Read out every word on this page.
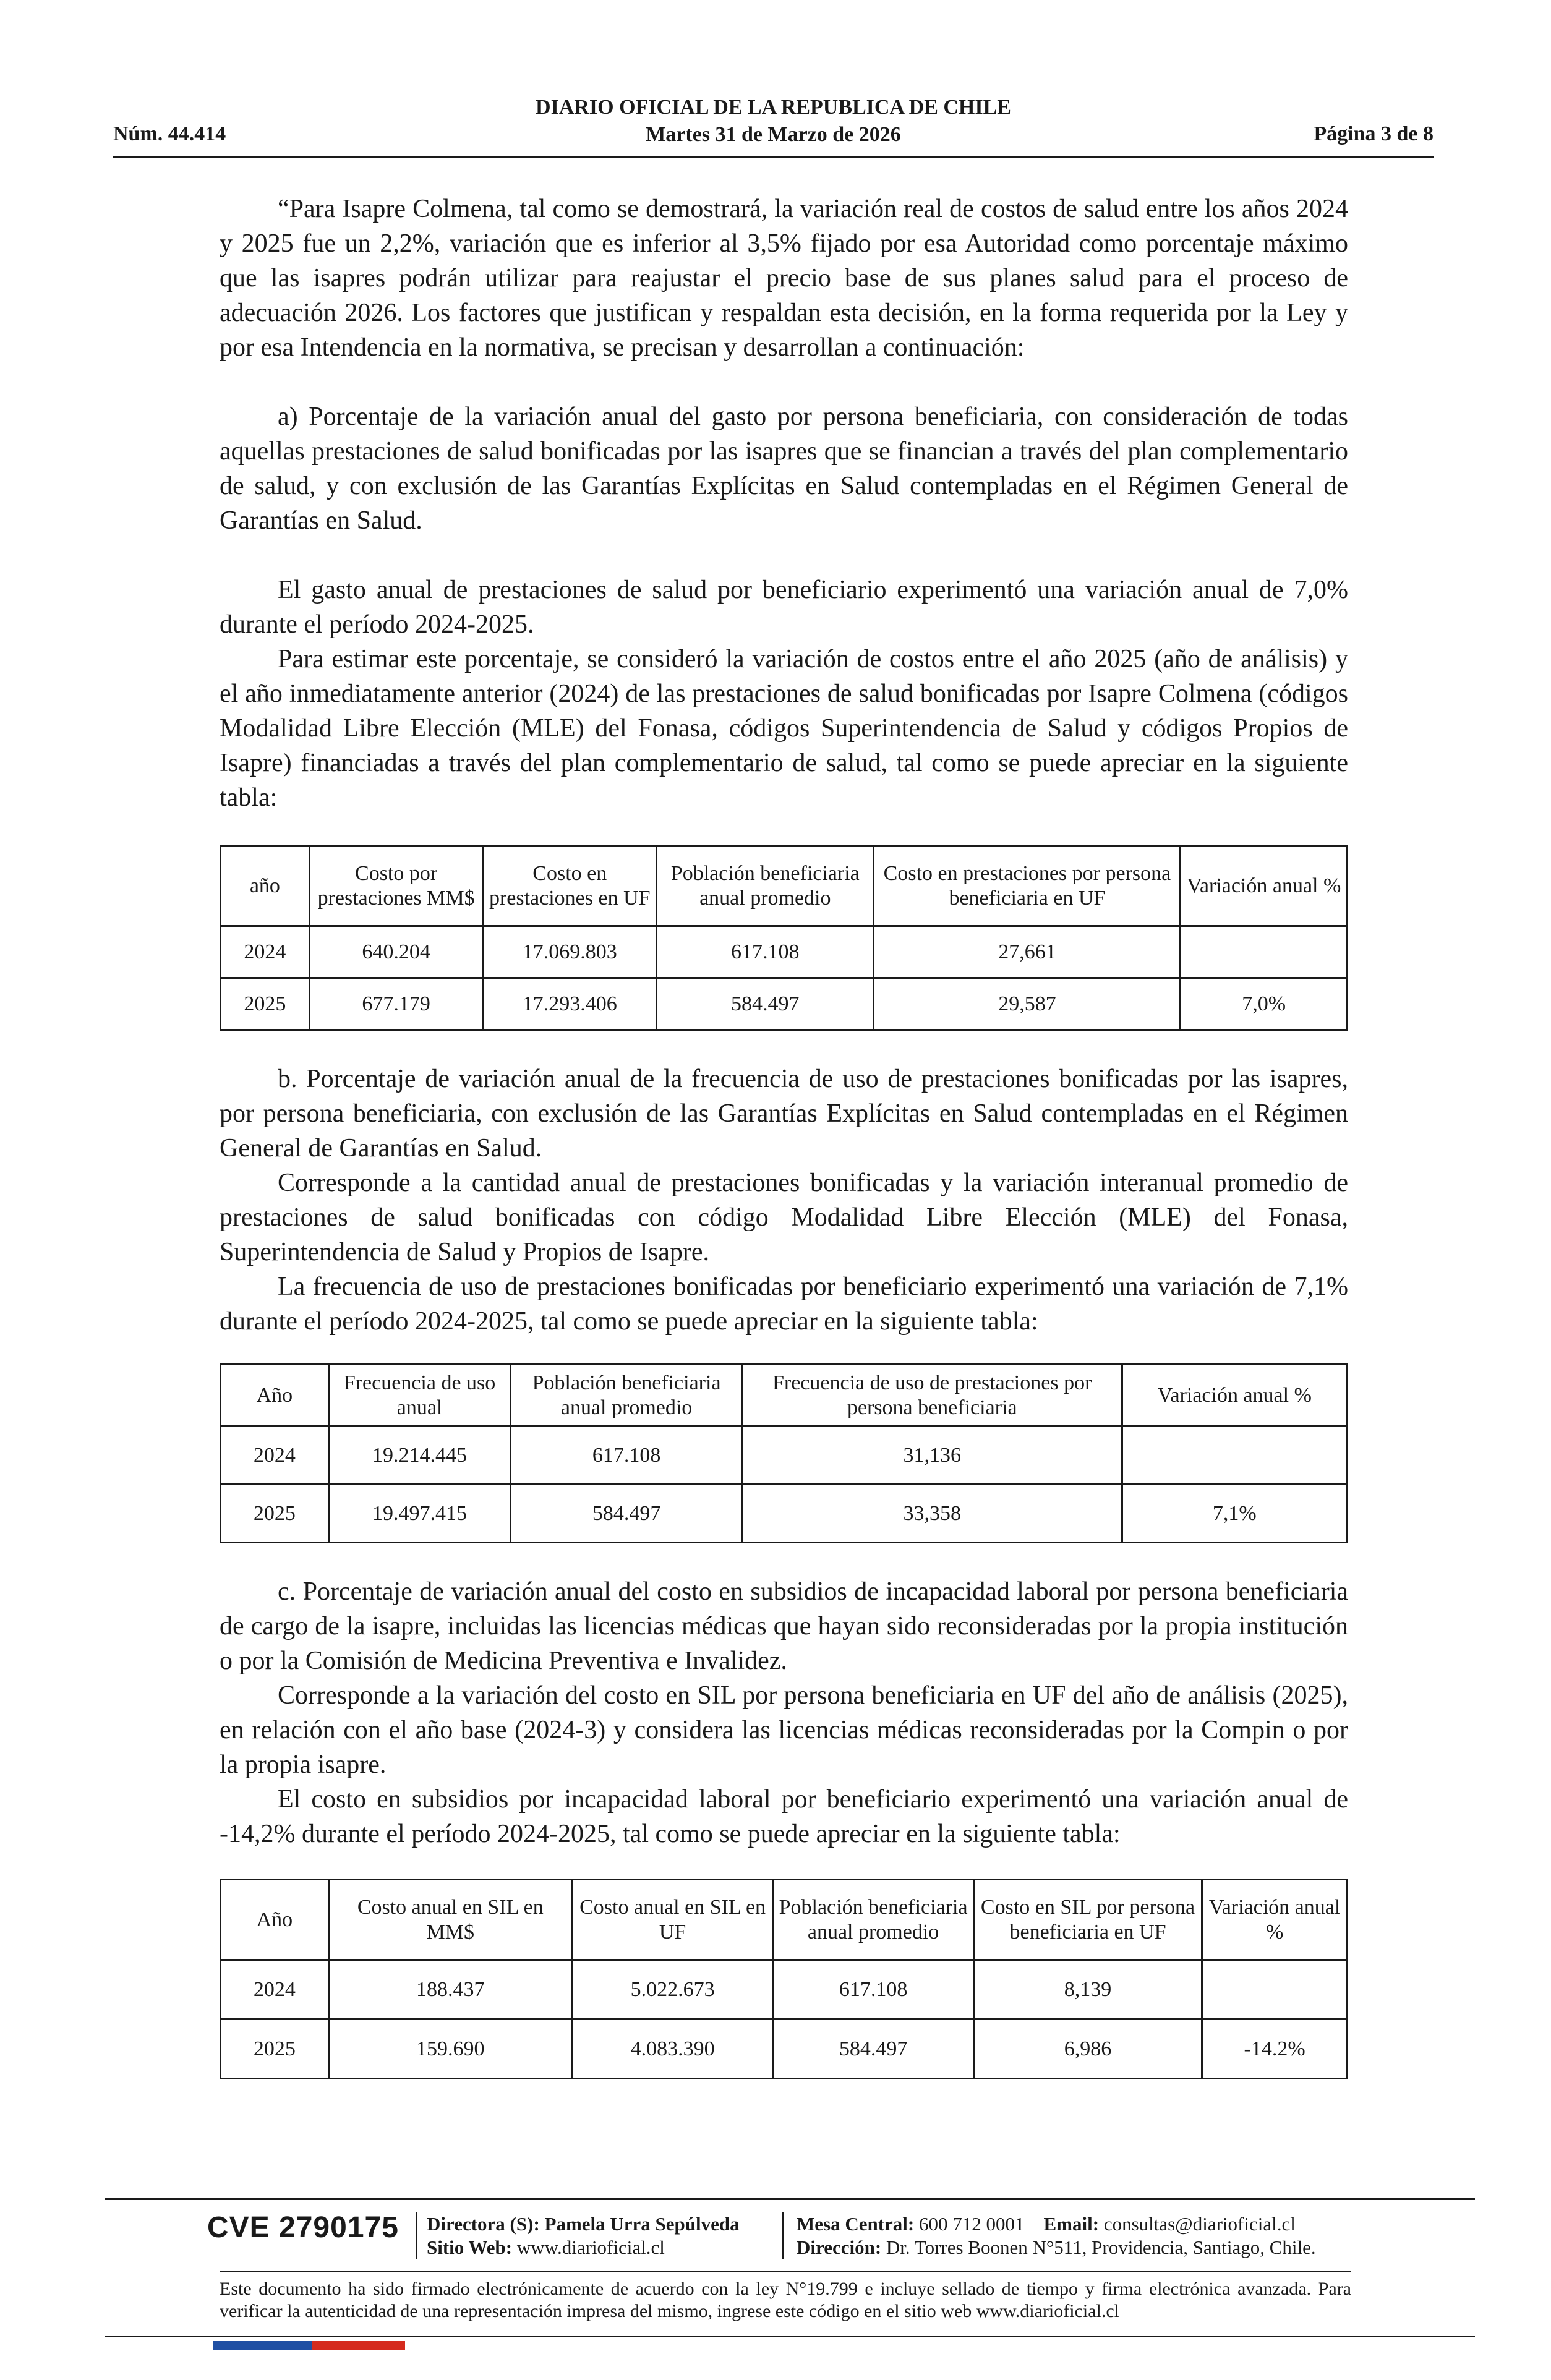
DIARIO OFICIAL DE LA REPUBLICA DE CHILE
Martes 31 de Marzo de 2026
Núm. 44.414	Página 3 de 8

“Para Isapre Colmena, tal como se demostrará, la variación real de costos de salud entre los años 2024 y 2025 fue un 2,2%, variación que es inferior al 3,5% fijado por esa Autoridad como porcentaje máximo que las isapres podrán utilizar para reajustar el precio base de sus planes salud para el proceso de adecuación 2026. Los factores que justifican y respaldan esta decisión, en la forma requerida por la Ley y por esa Intendencia en la normativa, se precisan y desarrollan a continuación:

a) Porcentaje de la variación anual del gasto por persona beneficiaria, con consideración de todas aquellas prestaciones de salud bonificadas por las isapres que se financian a través del plan complementario de salud, y con exclusión de las Garantías Explícitas en Salud contempladas en el Régimen General de Garantías en Salud.

El gasto anual de prestaciones de salud por beneficiario experimentó una variación anual de 7,0% durante el período 2024-2025.

Para estimar este porcentaje, se consideró la variación de costos entre el año 2025 (año de análisis) y el año inmediatamente anterior (2024) de las prestaciones de salud bonificadas por Isapre Colmena (códigos Modalidad Libre Elección (MLE) del Fonasa, códigos Superintendencia de Salud y códigos Propios de Isapre) financiadas a través del plan complementario de salud, tal como se puede apreciar en la siguiente tabla:

año	Costo por prestaciones MM$	Costo en prestaciones en UF	Población beneficiaria anual promedio	Costo en prestaciones por persona beneficiaria en UF	Variación anual %
2024	640.204	17.069.803	617.108	27,661	
2025	677.179	17.293.406	584.497	29,587	7,0%

b. Porcentaje de variación anual de la frecuencia de uso de prestaciones bonificadas por las isapres, por persona beneficiaria, con exclusión de las Garantías Explícitas en Salud contempladas en el Régimen General de Garantías en Salud.

Corresponde a la cantidad anual de prestaciones bonificadas y la variación interanual promedio de prestaciones de salud bonificadas con código Modalidad Libre Elección (MLE) del Fonasa, Superintendencia de Salud y Propios de Isapre.

La frecuencia de uso de prestaciones bonificadas por beneficiario experimentó una variación de 7,1% durante el período 2024-2025, tal como se puede apreciar en la siguiente tabla:

Año	Frecuencia de uso anual	Población beneficiaria anual promedio	Frecuencia de uso de prestaciones por persona beneficiaria	Variación anual %
2024	19.214.445	617.108	31,136	
2025	19.497.415	584.497	33,358	7,1%

c. Porcentaje de variación anual del costo en subsidios de incapacidad laboral por persona beneficiaria de cargo de la isapre, incluidas las licencias médicas que hayan sido reconsideradas por la propia institución o por la Comisión de Medicina Preventiva e Invalidez.

Corresponde a la variación del costo en SIL por persona beneficiaria en UF del año de análisis (2025), en relación con el año base (2024-3) y considera las licencias médicas reconsideradas por la Compin o por la propia isapre.

El costo en subsidios por incapacidad laboral por beneficiario experimentó una variación anual de -14,2% durante el período 2024-2025, tal como se puede apreciar en la siguiente tabla:

Año	Costo anual en SIL en MM$	Costo anual en SIL en UF	Población beneficiaria anual promedio	Costo en SIL por persona beneficiaria en UF	Variación anual %
2024	188.437	5.022.673	617.108	8,139	
2025	159.690	4.083.390	584.497	6,986	-14.2%
CVE 2790175 Directora (S): Pamela Urra Sepúlveda
Sitio Web: www.diarioficial.cl
Mesa Central: 600 712 0001 Email: consultas@diarioficial.cl
Dirección: Dr. Torres Boonen N°511, Providencia, Santiago, Chile.
Este documento ha sido firmado electrónicamente de acuerdo con la ley N°19.799 e incluye sellado de tiempo y firma electrónica avanzada. Para verificar la autenticidad de una representación impresa del mismo, ingrese este código en el sitio web www.diarioficial.cl
